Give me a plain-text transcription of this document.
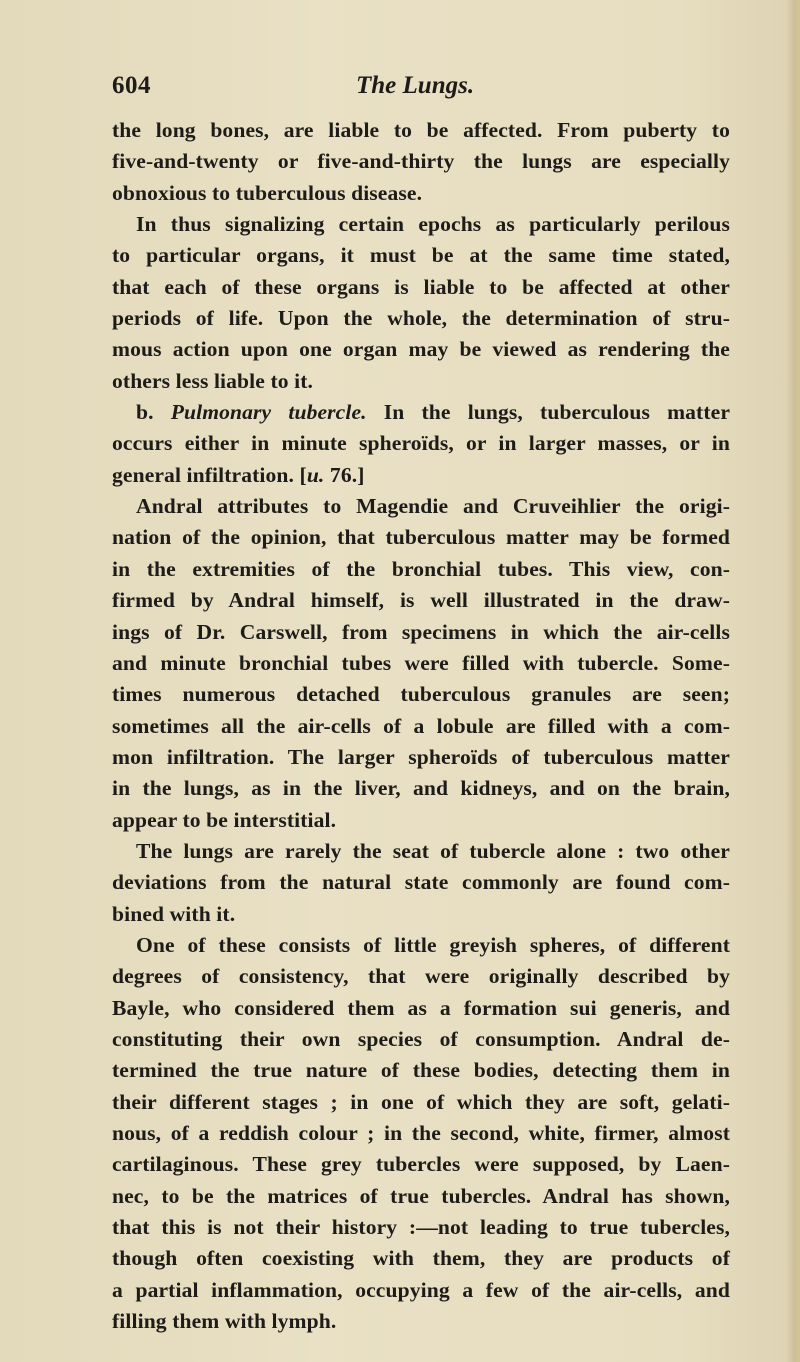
604	The Lungs.
the long bones, are liable to be affected. From puberty to
five-and-twenty or five-and-thirty the lungs are especially
obnoxious to tuberculous disease.
In thus signalizing certain epochs as particularly perilous
to particular organs, it must be at the same time stated,
that each of these organs is liable to be affected at other
periods of life. Upon the whole, the determination of stru-
mous action upon one organ may be viewed as rendering the
others less liable to it.
b. Pulmonary tubercle. In the lungs, tuberculous matter
occurs either in minute spheroïds, or in larger masses, or in
general infiltration. [u. 76.]
Andral attributes to Magendie and Cruveihlier the origi-
nation of the opinion, that tuberculous matter may be formed
in the extremities of the bronchial tubes. This view, con-
firmed by Andral himself, is well illustrated in the draw-
ings of Dr. Carswell, from specimens in which the air-cells
and minute bronchial tubes were filled with tubercle. Some-
times numerous detached tuberculous granules are seen;
sometimes all the air-cells of a lobule are filled with a com-
mon infiltration. The larger spheroïds of tuberculous matter
in the lungs, as in the liver, and kidneys, and on the brain,
appear to be interstitial.
The lungs are rarely the seat of tubercle alone : two other
deviations from the natural state commonly are found com-
bined with it.
One of these consists of little greyish spheres, of different
degrees of consistency, that were originally described by
Bayle, who considered them as a formation sui generis, and
constituting their own species of consumption. Andral de-
termined the true nature of these bodies, detecting them in
their different stages ; in one of which they are soft, gelati-
nous, of a reddish colour ; in the second, white, firmer, almost
cartilaginous. These grey tubercles were supposed, by Laen-
nec, to be the matrices of true tubercles. Andral has shown,
that this is not their history :—not leading to true tubercles,
though often coexisting with them, they are products of
a partial inflammation, occupying a few of the air-cells, and
filling them with lymph.
